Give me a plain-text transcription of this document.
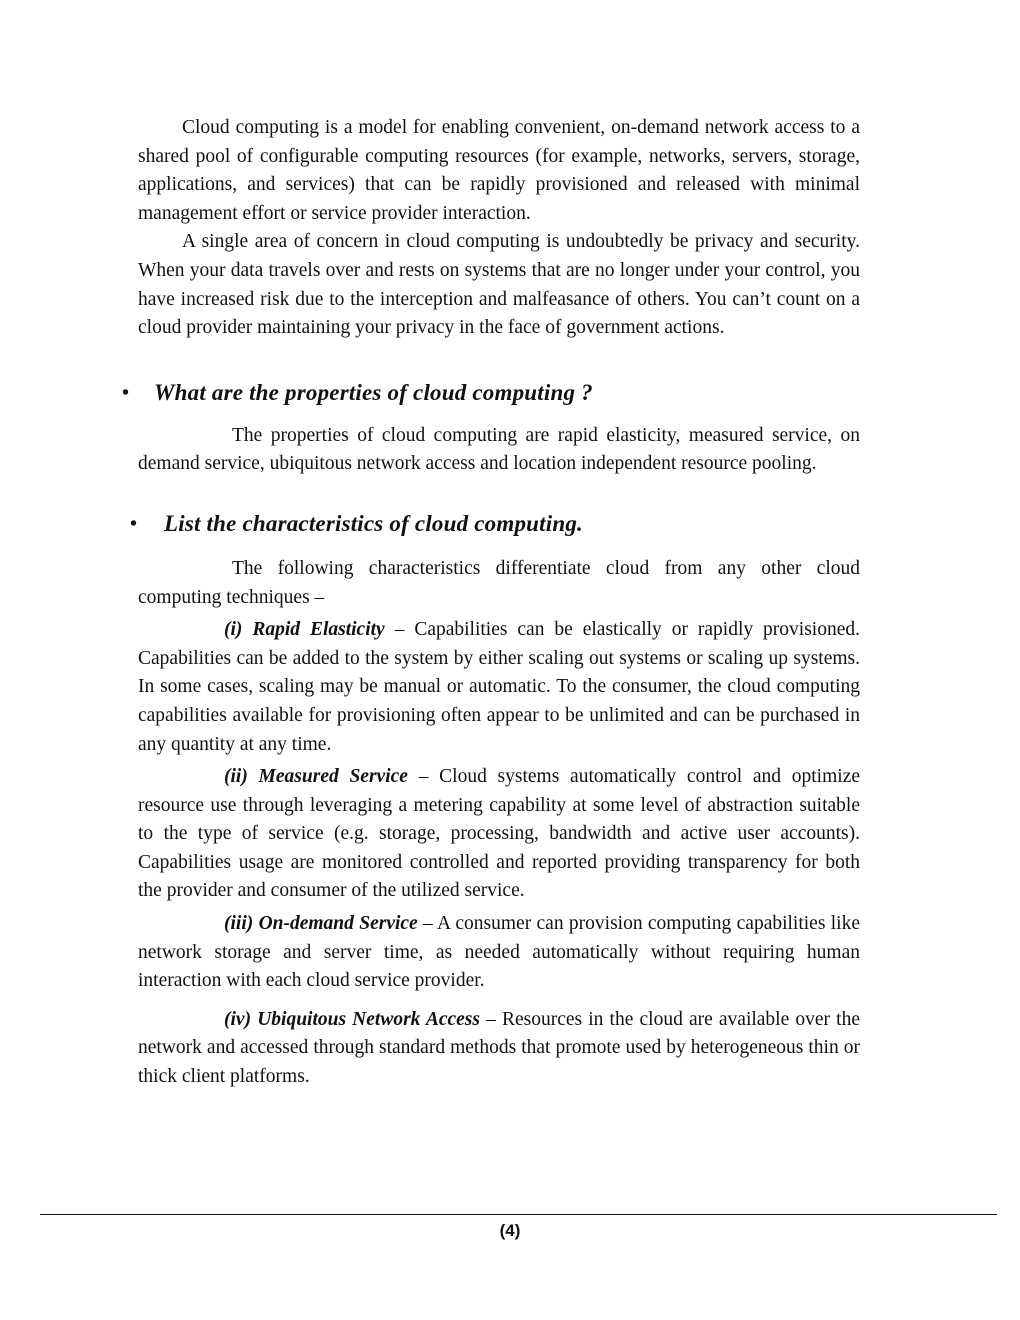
Cloud computing is a model for enabling convenient, on-demand network access to a shared pool of configurable computing resources (for example, networks, servers, storage, applications, and services) that can be rapidly provisioned and released with minimal management effort or service provider interaction.

A single area of concern in cloud computing is undoubtedly be privacy and security. When your data travels over and rests on systems that are no longer under your control, you have increased risk due to the interception and malfeasance of others. You can’t count on a cloud provider maintaining your privacy in the face of government actions.

• What are the properties of cloud computing ?

The properties of cloud computing are rapid elasticity, measured service, on demand service, ubiquitous network access and location independent resource pooling.

• List the characteristics of cloud computing.

The following characteristics differentiate cloud from any other cloud computing techniques –

(i) Rapid Elasticity – Capabilities can be elastically or rapidly provisioned. Capabilities can be added to the system by either scaling out systems or scaling up systems. In some cases, scaling may be manual or automatic. To the consumer, the cloud computing capabilities available for provisioning often appear to be unlimited and can be purchased in any quantity at any time.

(ii) Measured Service – Cloud systems automatically control and optimize resource use through leveraging a metering capability at some level of abstraction suitable to the type of service (e.g. storage, processing, bandwidth and active user accounts). Capabilities usage are monitored controlled and reported providing transparency for both the provider and consumer of the utilized service.

(iii) On-demand Service – A consumer can provision computing capabilities like network storage and server time, as needed automatically without requiring human interaction with each cloud service provider.

(iv) Ubiquitous Network Access – Resources in the cloud are available over the network and accessed through standard methods that promote used by heterogeneous thin or thick client platforms.

(4)
